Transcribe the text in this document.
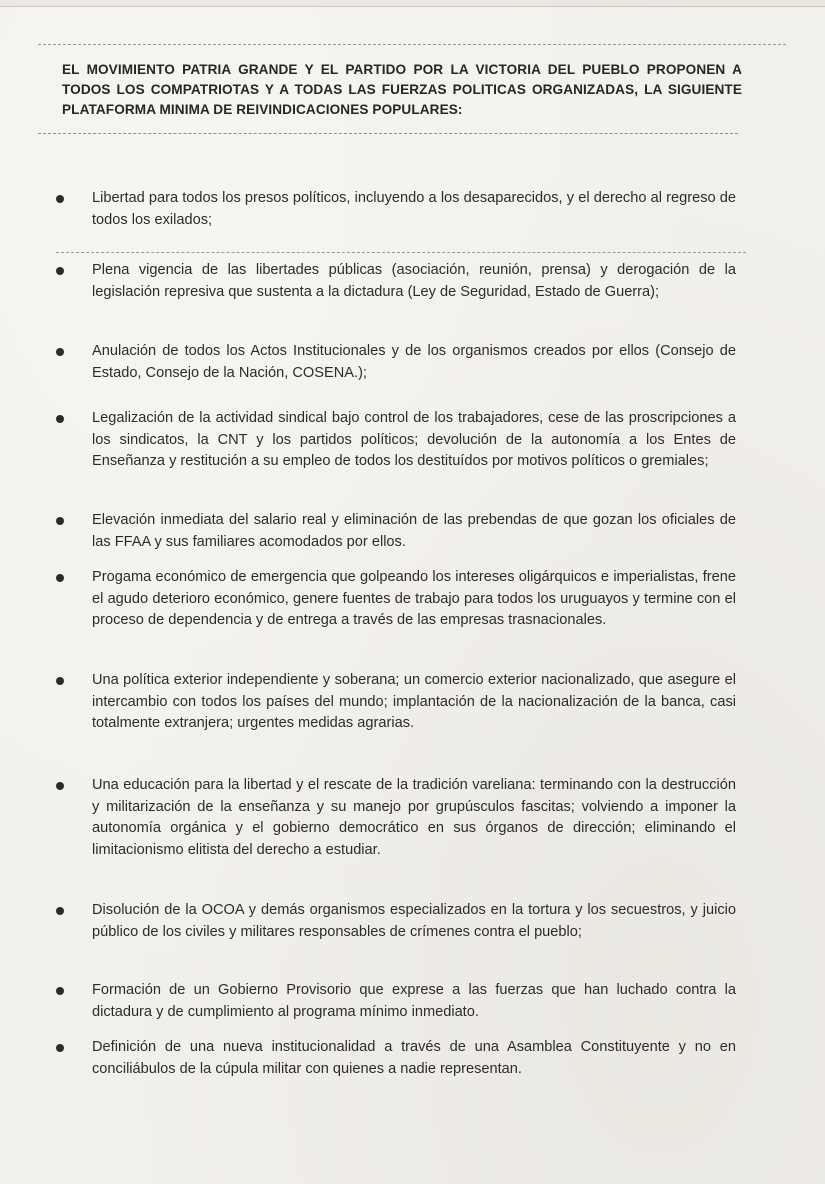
EL MOVIMIENTO PATRIA GRANDE Y EL PARTIDO POR LA VICTORIA DEL PUEBLO PROPONEN A TODOS LOS COMPATRIOTAS Y A TODAS LAS FUERZAS POLITICAS ORGANIZADAS, LA SIGUIENTE PLATAFORMA MINIMA DE REIVINDICACIONES POPULARES:
Libertad para todos los presos políticos, incluyendo a los desaparecidos, y el derecho al regreso de todos los exilados;
Plena vigencia de las libertades públicas (asociación, reunión, prensa) y derogación de la legislación represiva que sustenta a la dictadura (Ley de Seguridad, Estado de Guerra);
Anulación de todos los Actos Institucionales y de los organismos creados por ellos (Consejo de Estado, Consejo de la Nación, COSENA.);
Legalización de la actividad sindical bajo control de los trabajadores, cese de las proscripciones a los sindicatos, la CNT y los partidos políticos; devolución de la autonomía a los Entes de Enseñanza y restitución a su empleo de todos los destituídos por motivos políticos o gremiales;
Elevación inmediata del salario real y eliminación de las prebendas de que gozan los oficiales de las FFAA y sus familiares acomodados por ellos.
Progama económico de emergencia que golpeando los intereses oligárquicos e imperialistas, frene el agudo deterioro económico, genere fuentes de trabajo para todos los uruguayos y termine con el proceso de dependencia y de entrega a través de las empresas trasnacionales.
Una política exterior independiente y soberana; un comercio exterior nacionalizado, que asegure el intercambio con todos los países del mundo; implantación de la nacionalización de la banca, casi totalmente extranjera; urgentes medidas agrarias.
Una educación para la libertad y el rescate de la tradición vareliana: terminando con la destrucción y militarización de la enseñanza y su manejo por grupúsculos fascitas; volviendo a imponer la autonomía orgánica y el gobierno democrático en sus órganos de dirección; eliminando el limitacionismo elitista del derecho a estudiar.
Disolución de la OCOA y demás organismos especializados en la tortura y los secuestros, y juicio público de los civiles y militares responsables de crímenes contra el pueblo;
Formación de un Gobierno Provisorio que exprese a las fuerzas que han luchado contra la dictadura y de cumplimiento al programa mínimo inmediato.
Definición de una nueva institucionalidad a través de una Asamblea Constituyente y no en conciliábulos de la cúpula militar con quienes a nadie representan.
